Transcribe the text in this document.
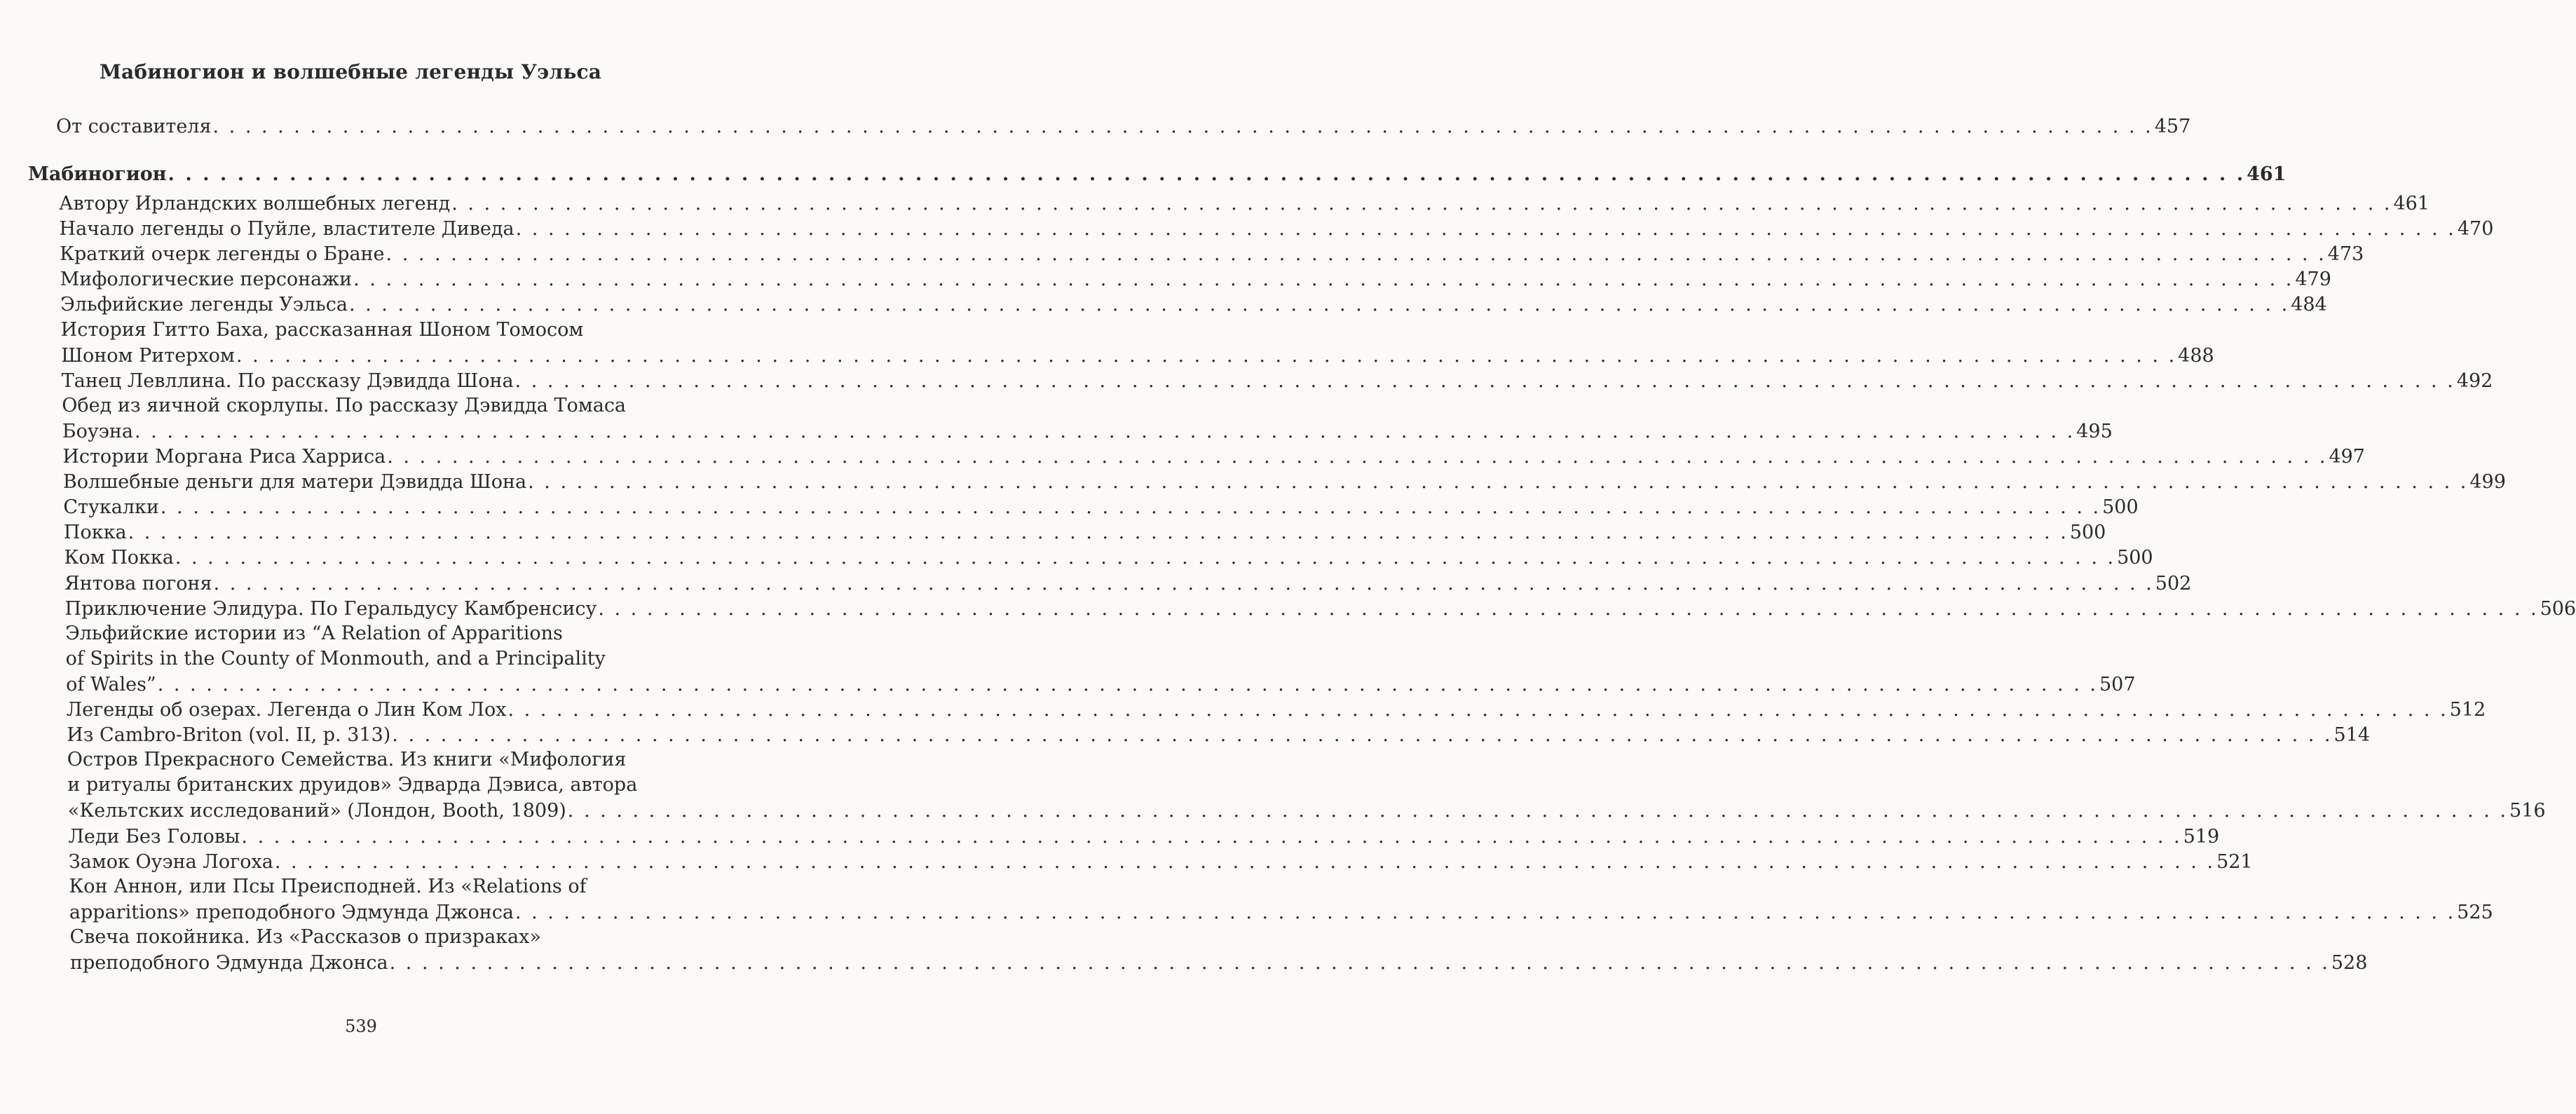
Мабиногион и волшебные легенды Уэльса
От составителя . . . . . . . . . . . . . . . . . . . . . . . . . . . . . . . . . . . . . . . . . . . . . . . . . . . . . . . . . . . . . . . . . . . . . . . . . . . . . . . . . . . . . . . . . . . . . . . . . . . . . . . . . . . . . . . . . . . . . . . . 457
Мабиногион . . . . . . . . . . . . . . . . . . . . . . . . . . . . . . . . . . . . . . . . . . . . . . . . . . . . . . . . . . . . . . . . . . . . . . . . . . . . . . . . . . . . . . . . . . . . . . . . . . . . . . . . . . . . . . . . . . . . . . . . 461
Автору Ирландских волшебных легенд . . . . . . . . . . . . . . . . . . . . . . . . . . . . . . . . . . . . . . . . . . . . . . . . . . . . . . . . . . . . . . . . . . . . . . . . . . . . . . . . . . . . . . . . . . . . . . . . . . . . . . . . . . . . . . . . . . . . . . . . 461
Начало легенды о Пуйле, властителе Диведа . . . . . . . . . . . . . . . . . . . . . . . . . . . . . . . . . . . . . . . . . . . . . . . . . . . . . . . . . . . . . . . . . . . . . . . . . . . . . . . . . . . . . . . . . . . . . . . . . . . . . . . . . . . . . . . . . . . . . . . . 470
Краткий очерк легенды о Бране . . . . . . . . . . . . . . . . . . . . . . . . . . . . . . . . . . . . . . . . . . . . . . . . . . . . . . . . . . . . . . . . . . . . . . . . . . . . . . . . . . . . . . . . . . . . . . . . . . . . . . . . . . . . . . . . . . . . . . . . 473
Мифологические персонажи . . . . . . . . . . . . . . . . . . . . . . . . . . . . . . . . . . . . . . . . . . . . . . . . . . . . . . . . . . . . . . . . . . . . . . . . . . . . . . . . . . . . . . . . . . . . . . . . . . . . . . . . . . . . . . . . . . . . . . . . 479
Эльфийские легенды Уэльса . . . . . . . . . . . . . . . . . . . . . . . . . . . . . . . . . . . . . . . . . . . . . . . . . . . . . . . . . . . . . . . . . . . . . . . . . . . . . . . . . . . . . . . . . . . . . . . . . . . . . . . . . . . . . . . . . . . . . . . . 484
История Гитто Баха, рассказанная Шоном Томосом
Шоном Ритерхом . . . . . . . . . . . . . . . . . . . . . . . . . . . . . . . . . . . . . . . . . . . . . . . . . . . . . . . . . . . . . . . . . . . . . . . . . . . . . . . . . . . . . . . . . . . . . . . . . . . . . . . . . . . . . . . . . . . . . . . . 488
Танец Левллина. По рассказу Дэвидда Шона . . . . . . . . . . . . . . . . . . . . . . . . . . . . . . . . . . . . . . . . . . . . . . . . . . . . . . . . . . . . . . . . . . . . . . . . . . . . . . . . . . . . . . . . . . . . . . . . . . . . . . . . . . . . . . . . . . . . . . . . 492
Обед из яичной скорлупы. По рассказу Дэвидда Томаса
Боуэна . . . . . . . . . . . . . . . . . . . . . . . . . . . . . . . . . . . . . . . . . . . . . . . . . . . . . . . . . . . . . . . . . . . . . . . . . . . . . . . . . . . . . . . . . . . . . . . . . . . . . . . . . . . . . . . . . . . . . . . . 495
Истории Моргана Риса Харриса . . . . . . . . . . . . . . . . . . . . . . . . . . . . . . . . . . . . . . . . . . . . . . . . . . . . . . . . . . . . . . . . . . . . . . . . . . . . . . . . . . . . . . . . . . . . . . . . . . . . . . . . . . . . . . . . . . . . . . . . 497
Волшебные деньги для матери Дэвидда Шона . . . . . . . . . . . . . . . . . . . . . . . . . . . . . . . . . . . . . . . . . . . . . . . . . . . . . . . . . . . . . . . . . . . . . . . . . . . . . . . . . . . . . . . . . . . . . . . . . . . . . . . . . . . . . . . . . . . . . . . . 499
Стукалки . . . . . . . . . . . . . . . . . . . . . . . . . . . . . . . . . . . . . . . . . . . . . . . . . . . . . . . . . . . . . . . . . . . . . . . . . . . . . . . . . . . . . . . . . . . . . . . . . . . . . . . . . . . . . . . . . . . . . . . . 500
Покка . . . . . . . . . . . . . . . . . . . . . . . . . . . . . . . . . . . . . . . . . . . . . . . . . . . . . . . . . . . . . . . . . . . . . . . . . . . . . . . . . . . . . . . . . . . . . . . . . . . . . . . . . . . . . . . . . . . . . . . . 500
Ком Покка . . . . . . . . . . . . . . . . . . . . . . . . . . . . . . . . . . . . . . . . . . . . . . . . . . . . . . . . . . . . . . . . . . . . . . . . . . . . . . . . . . . . . . . . . . . . . . . . . . . . . . . . . . . . . . . . . . . . . . . . 500
Янтова погоня . . . . . . . . . . . . . . . . . . . . . . . . . . . . . . . . . . . . . . . . . . . . . . . . . . . . . . . . . . . . . . . . . . . . . . . . . . . . . . . . . . . . . . . . . . . . . . . . . . . . . . . . . . . . . . . . . . . . . . . . 502
Приключение Элидура. По Геральдусу Камбренсису . . . . . . . . . . . . . . . . . . . . . . . . . . . . . . . . . . . . . . . . . . . . . . . . . . . . . . . . . . . . . . . . . . . . . . . . . . . . . . . . . . . . . . . . . . . . . . . . . . . . . . . . . . . . . . . . . . . . . . . . 506
Эльфийские истории из “A Relation of Apparitions
of Spirits in the County of Monmouth, and a Principality
of Wales” . . . . . . . . . . . . . . . . . . . . . . . . . . . . . . . . . . . . . . . . . . . . . . . . . . . . . . . . . . . . . . . . . . . . . . . . . . . . . . . . . . . . . . . . . . . . . . . . . . . . . . . . . . . . . . . . . . . . . . . . 507
Легенды об озерах. Легенда о Лин Ком Лох . . . . . . . . . . . . . . . . . . . . . . . . . . . . . . . . . . . . . . . . . . . . . . . . . . . . . . . . . . . . . . . . . . . . . . . . . . . . . . . . . . . . . . . . . . . . . . . . . . . . . . . . . . . . . . . . . . . . . . . . 512
Из Cambro-Briton (vol. II, p. 313) . . . . . . . . . . . . . . . . . . . . . . . . . . . . . . . . . . . . . . . . . . . . . . . . . . . . . . . . . . . . . . . . . . . . . . . . . . . . . . . . . . . . . . . . . . . . . . . . . . . . . . . . . . . . . . . . . . . . . . . . 514
Остров Прекрасного Семейства. Из книги «Мифология
и ритуалы британских друидов» Эдварда Дэвиса, автора
«Кельтских исследований» (Лондон, Booth, 1809) . . . . . . . . . . . . . . . . . . . . . . . . . . . . . . . . . . . . . . . . . . . . . . . . . . . . . . . . . . . . . . . . . . . . . . . . . . . . . . . . . . . . . . . . . . . . . . . . . . . . . . . . . . . . . . . . . . . . . . . . 516
Леди Без Головы . . . . . . . . . . . . . . . . . . . . . . . . . . . . . . . . . . . . . . . . . . . . . . . . . . . . . . . . . . . . . . . . . . . . . . . . . . . . . . . . . . . . . . . . . . . . . . . . . . . . . . . . . . . . . . . . . . . . . . . . 519
Замок Оуэна Логоха . . . . . . . . . . . . . . . . . . . . . . . . . . . . . . . . . . . . . . . . . . . . . . . . . . . . . . . . . . . . . . . . . . . . . . . . . . . . . . . . . . . . . . . . . . . . . . . . . . . . . . . . . . . . . . . . . . . . . . . . 521
Кон Аннон, или Псы Преисподней. Из «Relations of
apparitions» преподобного Эдмунда Джонса . . . . . . . . . . . . . . . . . . . . . . . . . . . . . . . . . . . . . . . . . . . . . . . . . . . . . . . . . . . . . . . . . . . . . . . . . . . . . . . . . . . . . . . . . . . . . . . . . . . . . . . . . . . . . . . . . . . . . . . . 525
Свеча покойника. Из «Рассказов о призраках»
преподобного Эдмунда Джонса . . . . . . . . . . . . . . . . . . . . . . . . . . . . . . . . . . . . . . . . . . . . . . . . . . . . . . . . . . . . . . . . . . . . . . . . . . . . . . . . . . . . . . . . . . . . . . . . . . . . . . . . . . . . . . . . . . . . . . . . 528
539
